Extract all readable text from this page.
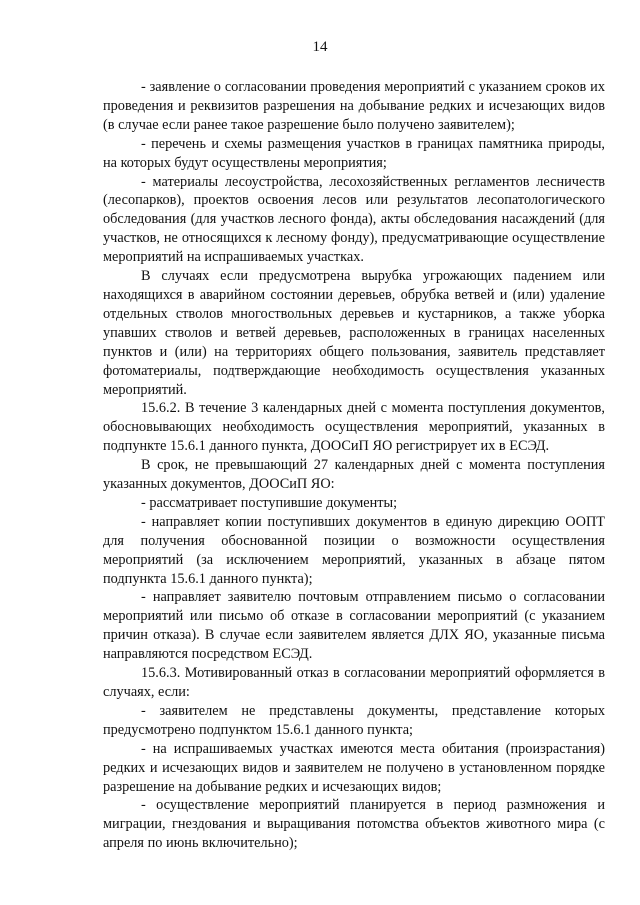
14

- заявление о согласовании проведения мероприятий с указанием сроков их проведения и реквизитов разрешения на добывание редких и исчезающих видов (в случае если ранее такое разрешение было получено заявителем);

- перечень и схемы размещения участков в границах памятника природы, на которых будут осуществлены мероприятия;

- материалы лесоустройства, лесохозяйственных регламентов лесничеств (лесопарков), проектов освоения лесов или результатов лесопатологического обследования (для участков лесного фонда), акты обследования насаждений (для участков, не относящихся к лесному фонду), предусматривающие осуществление мероприятий на испрашиваемых участках.

В случаях если предусмотрена вырубка угрожающих падением или находящихся в аварийном состоянии деревьев, обрубка ветвей и (или) удаление отдельных стволов многоствольных деревьев и кустарников, а также уборка упавших стволов и ветвей деревьев, расположенных в границах населенных пунктов и (или) на территориях общего пользования, заявитель представляет фотоматериалы, подтверждающие необходимость осуществления указанных мероприятий.

15.6.2. В течение 3 календарных дней с момента поступления документов, обосновывающих необходимость осуществления мероприятий, указанных в подпункте 15.6.1 данного пункта, ДООСиП ЯО регистрирует их в ЕСЭД.

В срок, не превышающий 27 календарных дней с момента поступления указанных документов, ДООСиП ЯО:

- рассматривает поступившие документы;

- направляет копии поступивших документов в единую дирекцию ООПТ для получения обоснованной позиции о возможности осуществления мероприятий (за исключением мероприятий, указанных в абзаце пятом подпункта 15.6.1 данного пункта);

- направляет заявителю почтовым отправлением письмо о согласовании мероприятий или письмо об отказе в согласовании мероприятий (с указанием причин отказа). В случае если заявителем является ДЛХ ЯО, указанные письма направляются посредством ЕСЭД.

15.6.3. Мотивированный отказ в согласовании мероприятий оформляется в случаях, если:

- заявителем не представлены документы, представление которых предусмотрено подпунктом 15.6.1 данного пункта;

- на испрашиваемых участках имеются места обитания (произрастания) редких и исчезающих видов и заявителем не получено в установленном порядке разрешение на добывание редких и исчезающих видов;

- осуществление мероприятий планируется в период размножения и миграции, гнездования и выращивания потомства объектов животного мира (с апреля по июнь включительно);
